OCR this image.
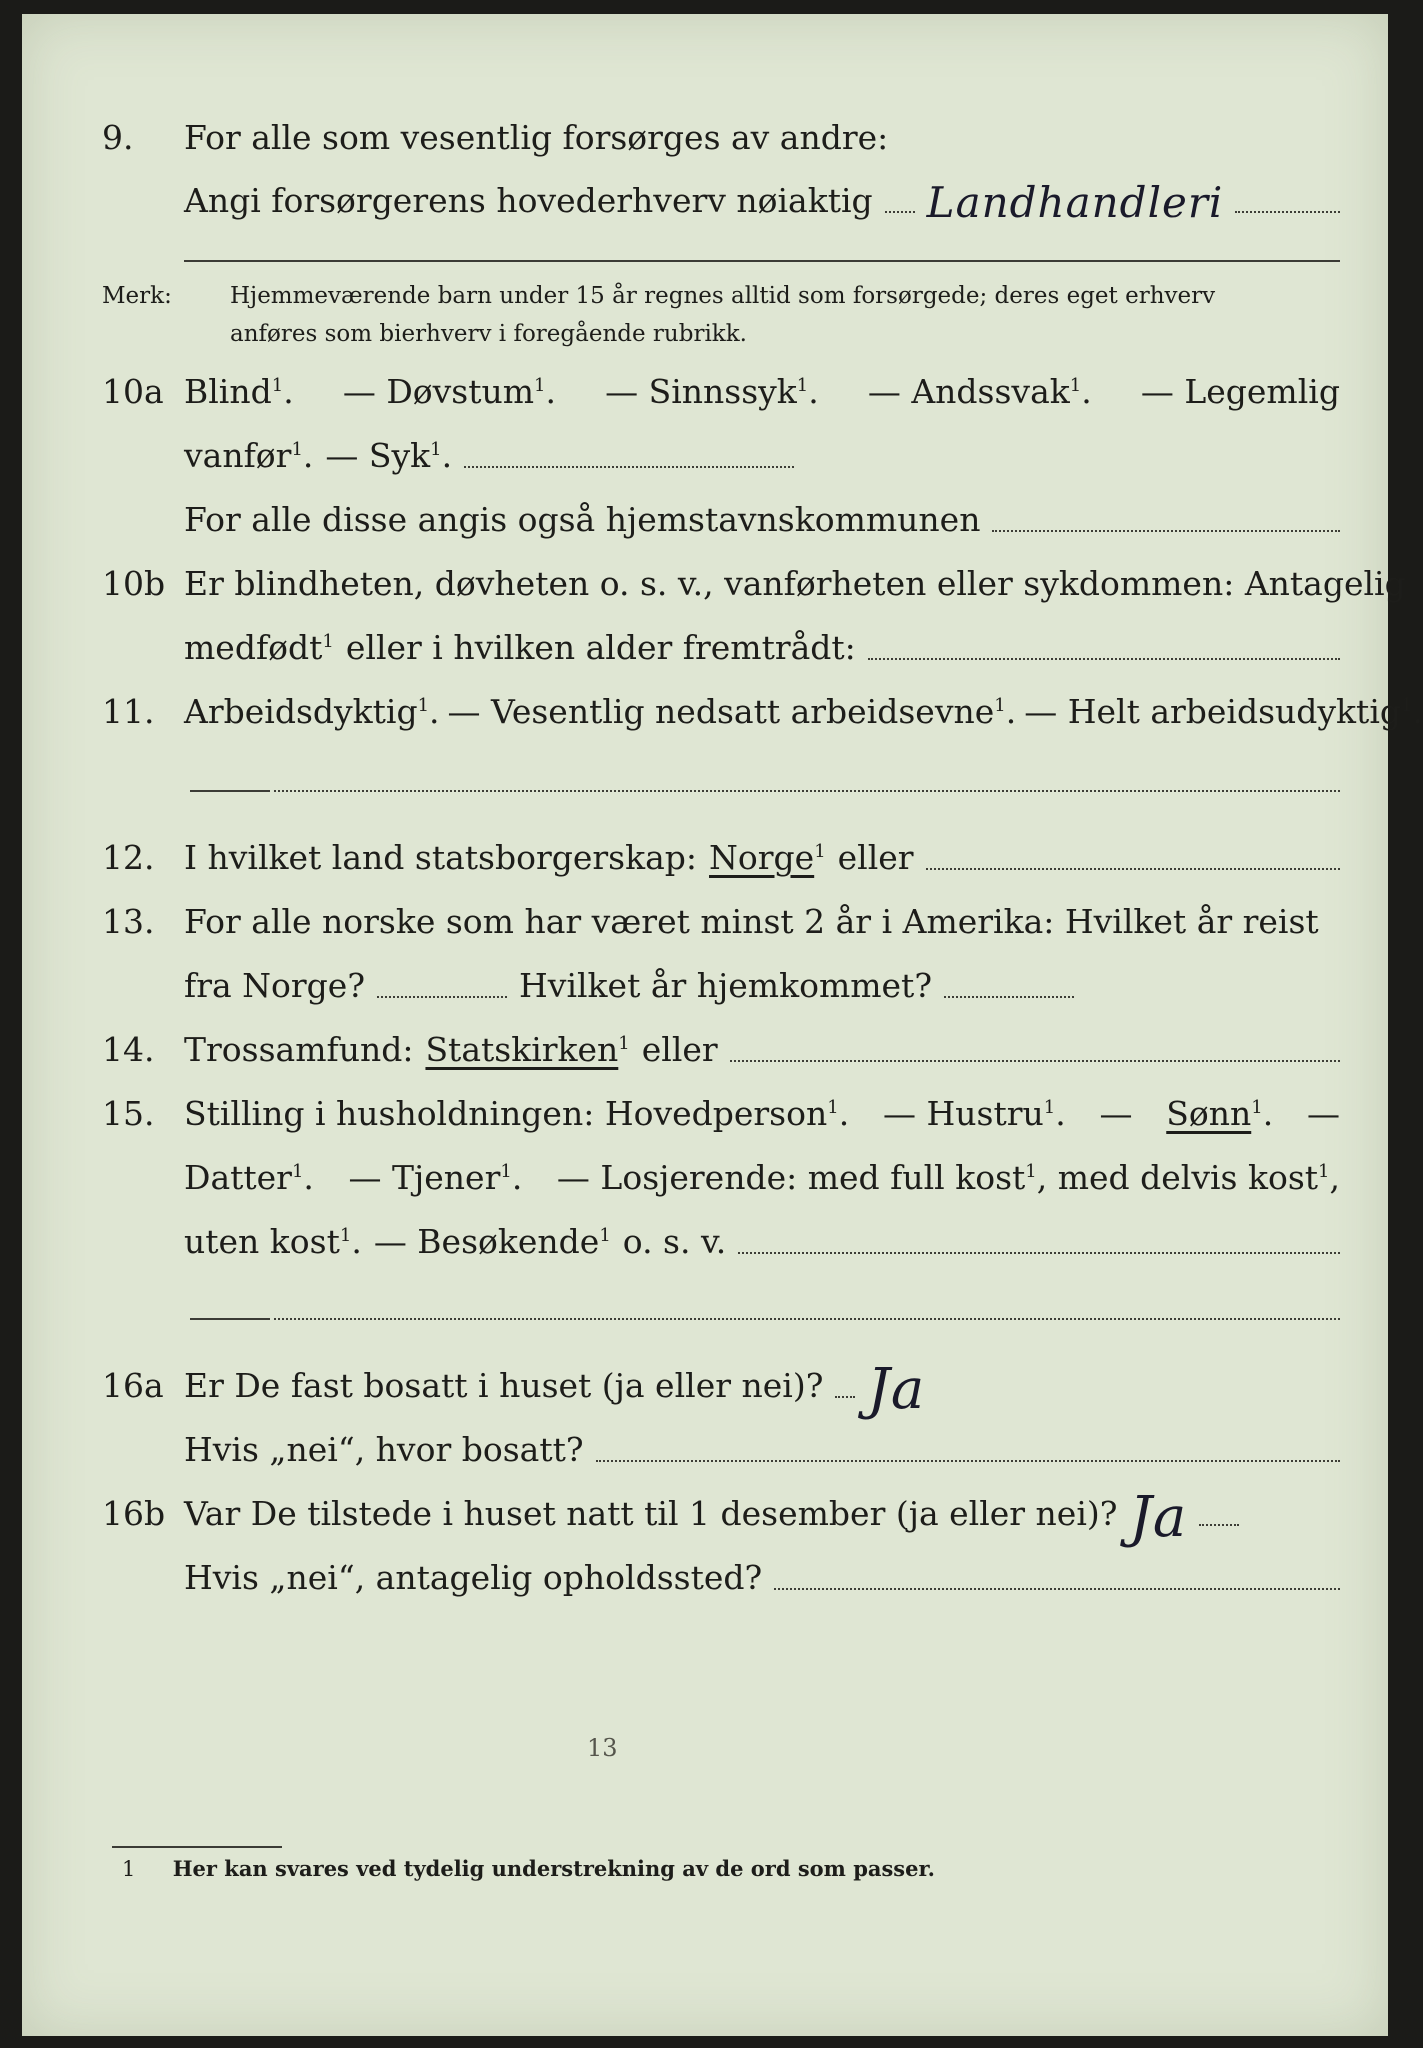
9. For alle som vesentlig forsørges av andre:
Angi forsørgerens hovederhverv nøiaktig Landhandleri
Merk:	Hjemmeværende barn under 15 år regnes alltid som forsørgede; deres eget erhverv
anføres som bierhverv i foregående rubrikk.
10a Blind$^1$. — Døvstum$^1$. — Sinnssyk$^1$. — Andssvak$^1$. — Legemlig
vanfør$^1$. — Syk$^1$.
For alle disse angis også hjemstavnskommunen
10b Er blindheten, døvheten o. s. v., vanførheten eller sykdommen: Antagelig
medfødt$^1$ eller i hvilken alder fremtrådt:
11. Arbeidsdyktig$^1$. — Vesentlig nedsatt arbeidsevne$^1$. — Helt arbeidsudyktig$^1$.
12. I hvilket land statsborgerskap: Norge$^1$ eller
13. For alle norske som har været minst 2 år i Amerika: Hvilket år reist
fra Norge?	Hvilket år hjemkommet?
14. Trossamfund: Statskirken$^1$ eller
15. Stilling i husholdningen: Hovedperson$^1$. — Hustru$^1$. — Sønn$^1$. —
Datter$^1$. — Tjener$^1$. — Losjerende: med full kost$^1$, med delvis kost$^1$,
uten kost$^1$. — Besøkende$^1$ o. s. v.
16a Er De fast bosatt i huset (ja eller nei)? Ja
Hvis „nei“, hvor bosatt?
16b Var De tilstede i huset natt til 1 desember (ja eller nei)? Ja
Hvis „nei“, antagelig opholdssted?
13
1 Her kan svares ved tydelig understrekning av de ord som passer.
